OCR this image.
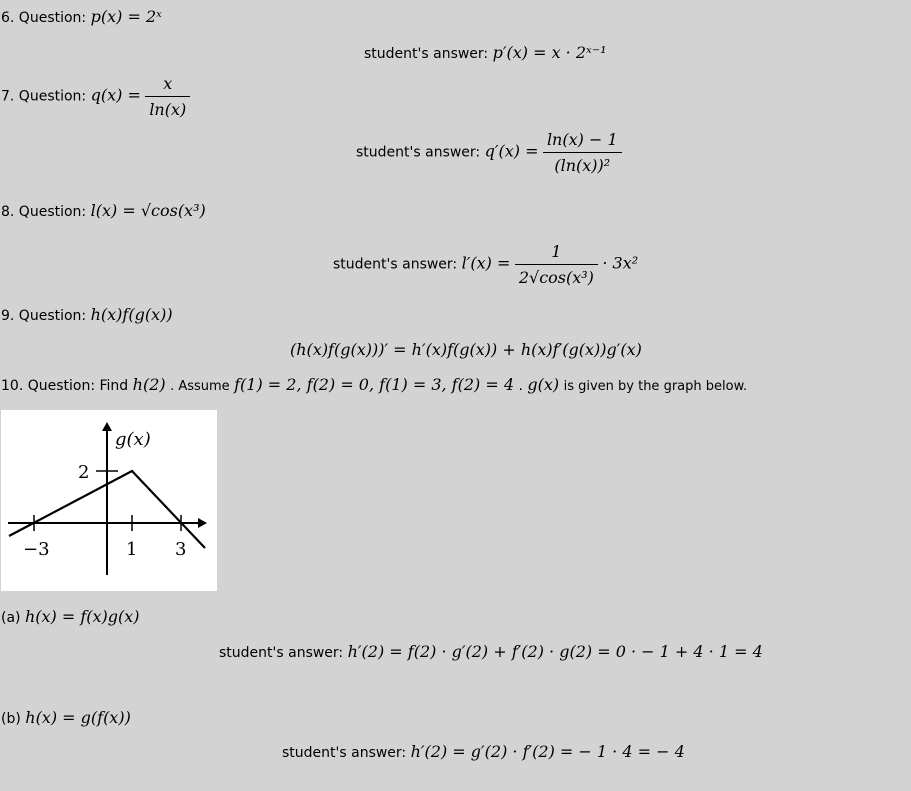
6. Question: p(x) = 2ˣ
student's answer: p′(x) = x · 2ˣ⁻¹
7. Question: $q(x) = \frac{x}{\ln(x)}$
student's answer: $q'(x) = \frac{\ln(x) - 1}{\text{(ln(x))²}}$
8. Question: l(x) = √cos(x³)
student's answer: $l'(x) = \frac{1}{\text{2√cos(x³)}} \cdot 3x^2$
9. Question: h(x)f(g(x))
(h(x)f(g(x)))′ = h′(x)f(g(x)) + h(x)f′(g(x))g′(x)
10. Question: Find h(2) . Assume f(1) = 2, f(2) = 0, f(1) = 3, f(2) = 4 . g(x) is given by the graph below.
g(x)
2
−3	1 3
(a) h(x) = f(x)g(x)
student's answer: h′(2) = f(2) · g′(2) + f′(2) · g(2) = 0 · − 1 + 4 · 1 = 4
(b) h(x) = g(f(x))
student's answer: h′(2) = g′(2) · f′(2) = − 1 · 4 = − 4
